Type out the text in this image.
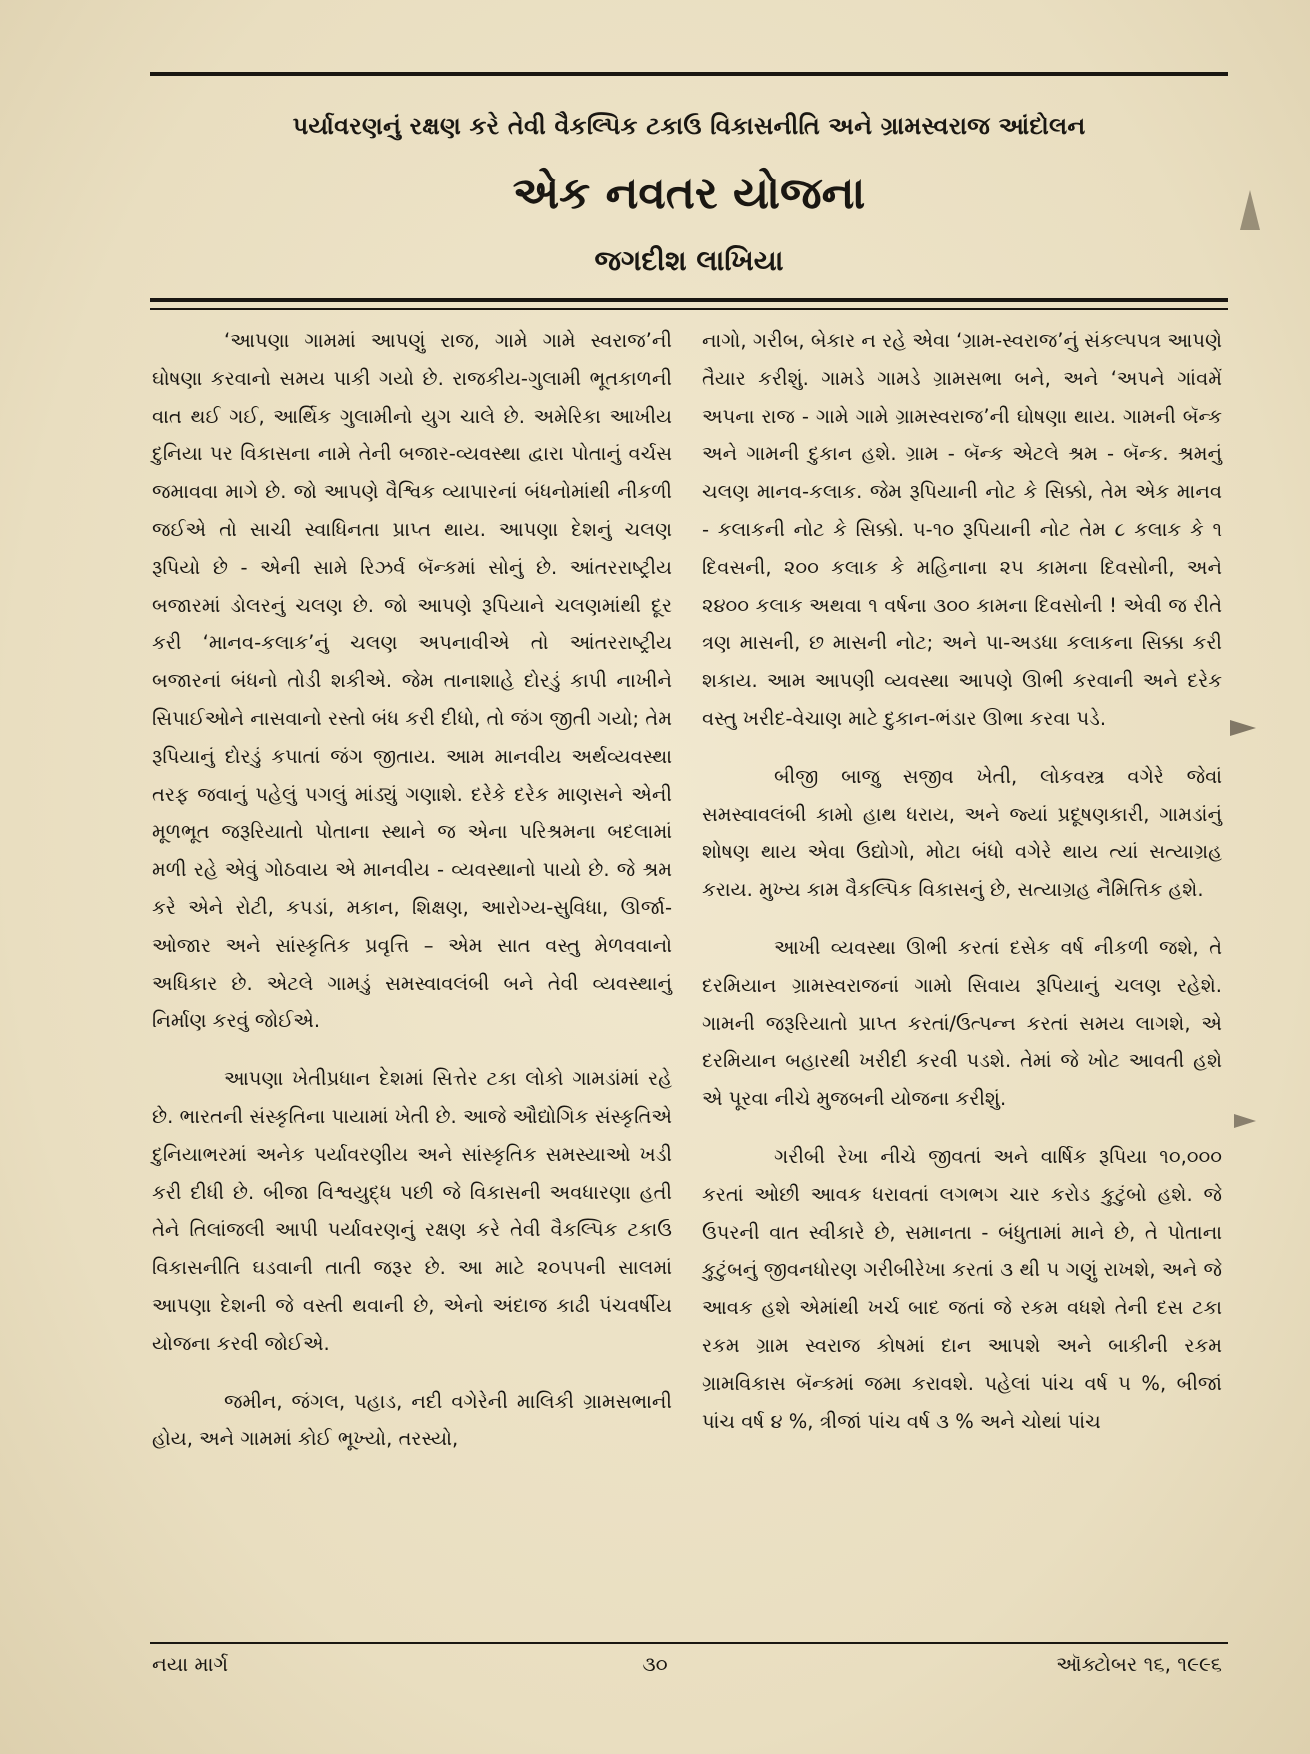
પર્યાવરણનું રક્ષણ કરે તેવી વૈકલ્પિક ટકાઉ વિકાસનીતિ અને ગ્રામસ્વરાજ આંદોલન
એક નવતર યોજના
જગદીશ લાખિયા

‘આપણા ગામમાં આપણું રાજ, ગામે ગામે સ્વરાજ’ની ઘોષણા કરવાનો સમય પાકી ગયો છે. રાજકીય-ગુલામી ભૂતકાળની વાત થઈ ગઈ, આર્થિક ગુલામીનો યુગ ચાલે છે. અમેરિકા આખીય દુનિયા પર વિકાસના નામે તેની બજાર-વ્યવસ્થા દ્વારા પોતાનું વર્ચસ જમાવવા માગે છે. જો આપણે વૈશ્વિક વ્યાપારનાં બંધનોમાંથી નીકળી જઈએ તો સાચી સ્વાધિનતા પ્રાપ્ત થાય. આપણા દેશનું ચલણ રૂપિયો છે - એની સામે રિઝર્વ બૅન્કમાં સોનું છે. આંતરરાષ્ટ્રીય બજારમાં ડોલરનું ચલણ છે. જો આપણે રૂપિયાને ચલણમાંથી દૂર કરી ‘માનવ-કલાક’નું ચલણ અપનાવીએ તો આંતરરાષ્ટ્રીય બજારનાં બંધનો તોડી શકીએ. જેમ તાનાશાહે દોરડું કાપી નાખીને સિપાઈઓને નાસવાનો રસ્તો બંધ કરી દીધો, તો જંગ જીતી ગયો; તેમ રૂપિયાનું દોરડું કપાતાં જંગ જીતાય. આમ માનવીય અર્થવ્યવસ્થા તરફ જવાનું પહેલું પગલું માંડ્યું ગણાશે. દરેકે દરેક માણસને એની મૂળભૂત જરૂરિયાતો પોતાના સ્થાને જ એના પરિશ્રમના બદલામાં મળી રહે એવું ગોઠવાય એ માનવીય - વ્યવસ્થાનો પાયો છે. જે શ્રમ કરે એને રોટી, કપડાં, મકાન, શિક્ષણ, આરોગ્ય-સુવિધા, ઊર્જા-ઓજાર અને સાંસ્કૃતિક પ્રવૃત્તિ – એમ સાત વસ્તુ મેળવવાનો અધિકાર છે. એટલે ગામડું સમસ્વાવલંબી બને તેવી વ્યવસ્થાનું નિર્માણ કરવું જોઈએ.

આપણા ખેતીપ્રધાન દેશમાં સિત્તેર ટકા લોકો ગામડાંમાં રહે છે. ભારતની સંસ્કૃતિના પાયામાં ખેતી છે. આજે ઔદ્યોગિક સંસ્કૃતિએ દુનિયાભરમાં અનેક પર્યાવરણીય અને સાંસ્કૃતિક સમસ્યાઓ ખડી કરી દીધી છે. બીજા વિશ્વયુદ્ધ પછી જે વિકાસની અવધારણા હતી તેને તિલાંજલી આપી પર્યાવરણનું રક્ષણ કરે તેવી વૈકલ્પિક ટકાઉ વિકાસનીતિ ઘડવાની તાતી જરૂર છે. આ માટે ૨૦૫૫ની સાલમાં આપણા દેશની જે વસ્તી થવાની છે, એનો અંદાજ કાઢી પંચવર્ષીય યોજના કરવી જોઈએ.

જમીન, જંગલ, પહાડ, નદી વગેરેની માલિકી ગ્રામસભાની હોય, અને ગામમાં કોઈ ભૂખ્યો, તરસ્યો,

નાગો, ગરીબ, બેકાર ન રહે એવા ‘ગ્રામ-સ્વરાજ’નું સંકલ્પપત્ર આપણે તૈયાર કરીશું. ગામડે ગામડે ગ્રામસભા બને, અને ‘અપને ગાંવમેં અપના રાજ - ગામે ગામે ગ્રામસ્વરાજ’ની ઘોષણા થાય. ગામની બૅન્ક અને ગામની દુકાન હશે. ગ્રામ - બૅન્ક એટલે શ્રમ - બૅન્ક. શ્રમનું ચલણ માનવ-કલાક. જેમ રૂપિયાની નોટ કે સિક્કો, તેમ એક માનવ - કલાકની નોટ કે સિક્કો. ૫-૧૦ રૂપિયાની નોટ તેમ ૮ કલાક કે ૧ દિવસની, ૨૦૦ કલાક કે મહિનાના ૨૫ કામના દિવસોની, અને ૨૪૦૦ કલાક અથવા ૧ વર્ષના ૩૦૦ કામના દિવસોની ! એવી જ રીતે ત્રણ માસની, છ માસની નોટ; અને પા-અડધા કલાકના સિક્કા કરી શકાય. આમ આપણી વ્યવસ્થા આપણે ઊભી કરવાની અને દરેક વસ્તુ ખરીદ-વેચાણ માટે દુકાન-ભંડાર ઊભા કરવા પડે.

બીજી બાજુ સજીવ ખેતી, લોકવસ્ત્ર વગેરે જેવાં સમસ્વાવલંબી કામો હાથ ધરાય, અને જ્યાં પ્રદૂષણકારી, ગામડાંનું શોષણ થાય એવા ઉદ્યોગો, મોટા બંધો વગેરે થાય ત્યાં સત્યાગ્રહ કરાય. મુખ્ય કામ વૈકલ્પિક વિકાસનું છે, સત્યાગ્રહ નૈમિત્તિક હશે.

આખી વ્યવસ્થા ઊભી કરતાં દસેક વર્ષ નીકળી જશે, તે દરમિયાન ગ્રામસ્વરાજનાં ગામો સિવાય રૂપિયાનું ચલણ રહેશે. ગામની જરૂરિયાતો પ્રાપ્ત કરતાં/ઉત્પન્ન કરતાં સમય લાગશે, એ દરમિયાન બહારથી ખરીદી કરવી પડશે. તેમાં જે ખોટ આવતી હશે એ પૂરવા નીચે મુજબની યોજના કરીશું.

ગરીબી રેખા નીચે જીવતાં અને વાર્ષિક રૂપિયા ૧૦,૦૦૦ કરતાં ઓછી આવક ધરાવતાં લગભગ ચાર કરોડ કુટુંબો હશે. જે ઉપરની વાત સ્વીકારે છે, સમાનતા - બંધુતામાં માને છે, તે પોતાના કુટુંબનું જીવનધોરણ ગરીબીરેખા કરતાં ૩ થી ૫ ગણું રાખશે, અને જે આવક હશે એમાંથી ખર્ચ બાદ જતાં જે રકમ વધશે તેની દસ ટકા રકમ ગ્રામ સ્વરાજ કોષમાં દાન આપશે અને બાકીની રકમ ગ્રામવિકાસ બૅન્કમાં જમા કરાવશે. પહેલાં પાંચ વર્ષ ૫ %, બીજાં પાંચ વર્ષ ૪ %, ત્રીજાં પાંચ વર્ષ ૩ % અને ચોથાં પાંચ

નયા માર્ગ	૩૦	ઑક્ટોબર ૧૬, ૧૯૯૬
